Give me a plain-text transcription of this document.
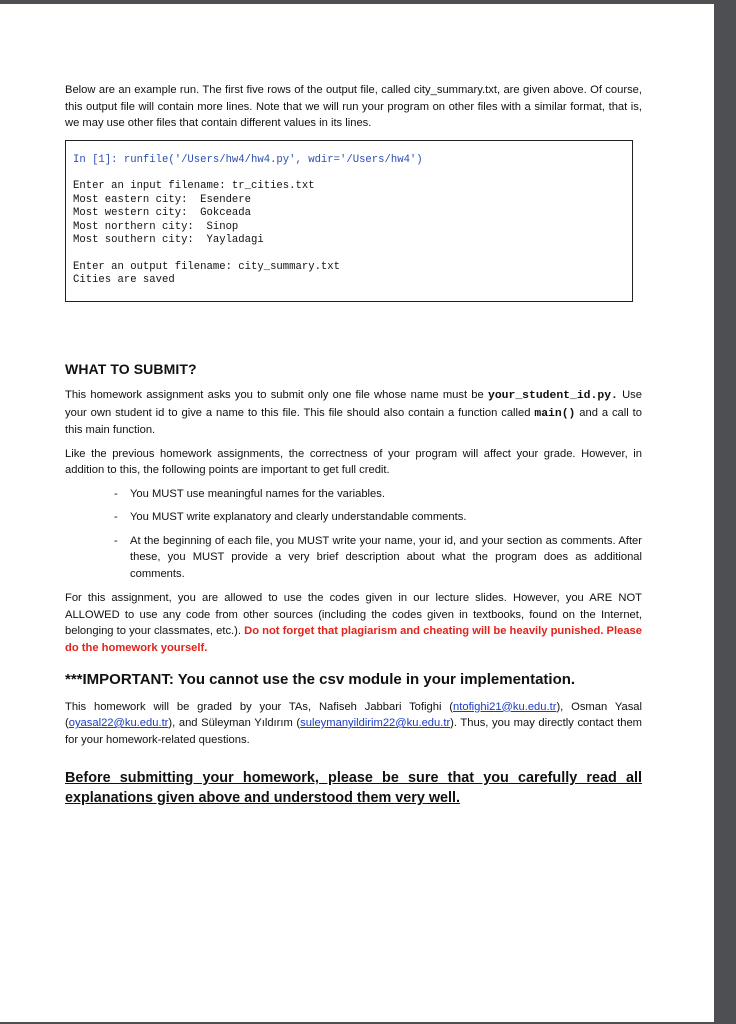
Below are an example run. The first five rows of the output file, called city_summary.txt, are given above. Of course, this output file will contain more lines. Note that we will run your program on other files with a similar format, that is, we may use other files that contain different values in its lines.

In [1]: runfile('/Users/hw4/hw4.py', wdir='/Users/hw4')

Enter an input filename: tr_cities.txt
Most eastern city:  Esendere
Most western city:  Gokceada
Most northern city:  Sinop
Most southern city:  Yayladagi

Enter an output filename: city_summary.txt
Cities are saved
WHAT TO SUBMIT?

This homework assignment asks you to submit only one file whose name must be your_student_id.py. Use your own student id to give a name to this file. This file should also contain a function called main() and a call to this main function.

Like the previous homework assignments, the correctness of your program will affect your grade. However, in addition to this, the following points are important to get full credit.

- You MUST use meaningful names for the variables.
- You MUST write explanatory and clearly understandable comments.
- At the beginning of each file, you MUST write your name, your id, and your section as comments. After these, you MUST provide a very brief description about what the program does as additional comments.

For this assignment, you are allowed to use the codes given in our lecture slides. However, you ARE NOT ALLOWED to use any code from other sources (including the codes given in textbooks, found on the Internet, belonging to your classmates, etc.). Do not forget that plagiarism and cheating will be heavily punished. Please do the homework yourself.

***IMPORTANT: You cannot use the csv module in your implementation.

This homework will be graded by your TAs, Nafiseh Jabbari Tofighi (ntofighi21@ku.edu.tr), Osman Yasal (oyasal22@ku.edu.tr), and Süleyman Yıldırım (suleymanyildirim22@ku.edu.tr). Thus, you may directly contact them for your homework-related questions.

Before submitting your homework, please be sure that you carefully read all explanations given above and understood them very well.
